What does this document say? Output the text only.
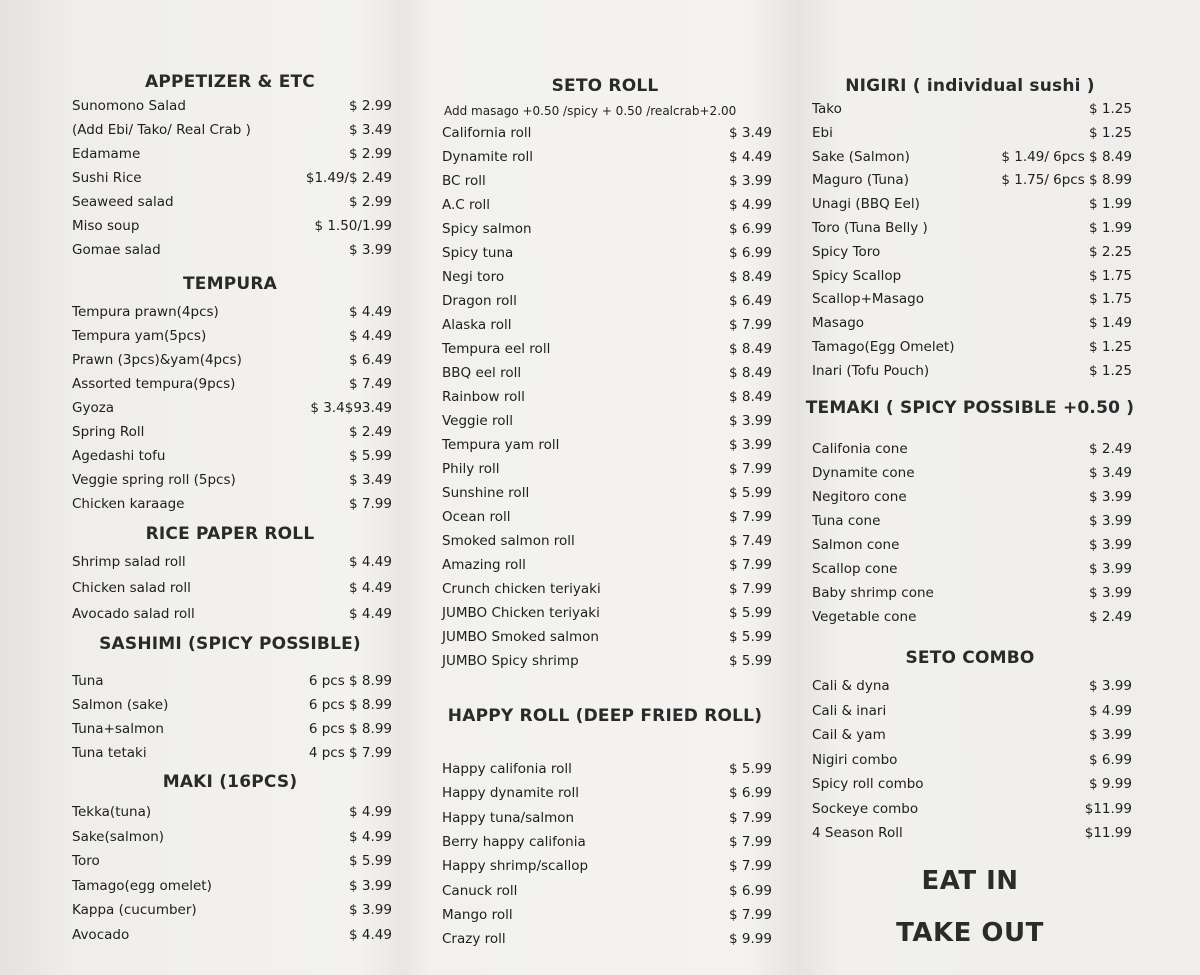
APPETIZER & ETC
Sunomono Salad	$ 2.99
(Add Ebi/ Tako/ Real Crab )	$ 3.49
Edamame	$ 2.99
Sushi Rice	$1.49/$ 2.49
Seaweed salad	$ 2.99
Miso soup	$ 1.50/1.99
Gomae salad	$ 3.99
TEMPURA
Tempura prawn(4pcs)	$ 4.49
Tempura yam(5pcs)	$ 4.49
Prawn (3pcs)&yam(4pcs)	$ 6.49
Assorted tempura(9pcs)	$ 7.49
Gyoza	$ 3.4$93.49
Spring Roll	$ 2.49
Agedashi tofu	$ 5.99
Veggie spring roll (5pcs)	$ 3.49
Chicken karaage	$ 7.99
RICE PAPER ROLL
Shrimp salad roll	$ 4.49
Chicken salad roll	$ 4.49
Avocado salad roll	$ 4.49
SASHIMI (SPICY POSSIBLE)
Tuna	6 pcs $ 8.99
Salmon (sake)	6 pcs $ 8.99
Tuna+salmon	6 pcs $ 8.99
Tuna tetaki	4 pcs $ 7.99
MAKI (16PCS)
Tekka(tuna)	$ 4.99
Sake(salmon)	$ 4.99
Toro	$ 5.99
Tamago(egg omelet)	$ 3.99
Kappa (cucumber)	$ 3.99
Avocado	$ 4.49
SETO ROLL
Add masago +0.50 /spicy + 0.50 /realcrab+2.00
California roll	$ 3.49
Dynamite roll	$ 4.49
BC roll	$ 3.99
A.C roll	$ 4.99
Spicy salmon	$ 6.99
Spicy tuna	$ 6.99
Negi toro	$ 8.49
Dragon roll	$ 6.49
Alaska roll	$ 7.99
Tempura eel roll	$ 8.49
BBQ eel roll	$ 8.49
Rainbow roll	$ 8.49
Veggie roll	$ 3.99
Tempura yam roll	$ 3.99
Phily roll	$ 7.99
Sunshine roll	$ 5.99
Ocean roll	$ 7.99
Smoked salmon roll	$ 7.49
Amazing roll	$ 7.99
Crunch chicken teriyaki	$ 7.99
JUMBO Chicken teriyaki	$ 5.99
JUMBO Smoked salmon	$ 5.99
JUMBO Spicy shrimp	$ 5.99
HAPPY ROLL (DEEP FRIED ROLL)
Happy califonia roll	$ 5.99
Happy dynamite roll	$ 6.99
Happy tuna/salmon	$ 7.99
Berry happy califonia	$ 7.99
Happy shrimp/scallop	$ 7.99
Canuck roll	$ 6.99
Mango roll	$ 7.99
Crazy roll	$ 9.99
NIGIRI ( individual sushi )
Tako	$ 1.25
Ebi	$ 1.25
Sake (Salmon)	$ 1.49/ 6pcs $ 8.49
Maguro (Tuna)	$ 1.75/ 6pcs $ 8.99
Unagi (BBQ Eel)	$ 1.99
Toro (Tuna Belly )	$ 1.99
Spicy Toro	$ 2.25
Spicy Scallop	$ 1.75
Scallop+Masago	$ 1.75
Masago	$ 1.49
Tamago(Egg Omelet)	$ 1.25
Inari (Tofu Pouch)	$ 1.25
TEMAKI ( SPICY POSSIBLE +0.50 )
Califonia cone	$ 2.49
Dynamite cone	$ 3.49
Negitoro cone	$ 3.99
Tuna cone	$ 3.99
Salmon cone	$ 3.99
Scallop cone	$ 3.99
Baby shrimp cone	$ 3.99
Vegetable cone	$ 2.49
SETO COMBO
Cali & dyna	$ 3.99
Cali & inari	$ 4.99
Cail & yam	$ 3.99
Nigiri combo	$ 6.99
Spicy roll combo	$ 9.99
Sockeye combo	$11.99
4 Season Roll	$11.99
EAT IN
TAKE OUT
